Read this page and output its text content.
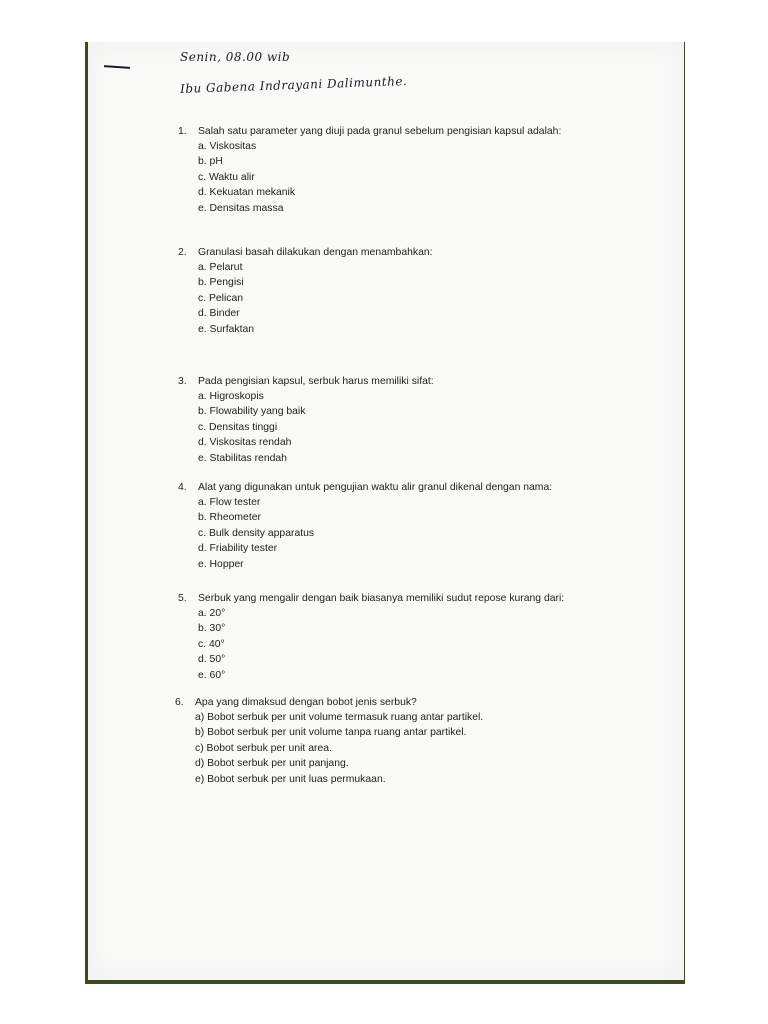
Senin, 08.00 wib
Ibu Gabena Indrayani Dalimunthe.
1.	Salah satu parameter yang diuji pada granul sebelum pengisian kapsul adalah:
a. Viskositas
b. pH
c. Waktu alir
d. Kekuatan mekanik
e. Densitas massa
2.	Granulasi basah dilakukan dengan menambahkan:
a. Pelarut
b. Pengisi
c. Pelican
d. Binder
e. Surfaktan
3.	Pada pengisian kapsul, serbuk harus memiliki sifat:
a. Higroskopis
b. Flowability yang baik
c. Densitas tinggi
d. Viskositas rendah
e. Stabilitas rendah
4.	Alat yang digunakan untuk pengujian waktu alir granul dikenal dengan nama:
a. Flow tester
b. Rheometer
c. Bulk density apparatus
d. Friability tester
e. Hopper
5.	Serbuk yang mengalir dengan baik biasanya memiliki sudut repose kurang dari:
a. 20°
b. 30°
c. 40°
d. 50°
e. 60°
6.	Apa yang dimaksud dengan bobot jenis serbuk?
a) Bobot serbuk per unit volume termasuk ruang antar partikel.
b) Bobot serbuk per unit volume tanpa ruang antar partikel.
c) Bobot serbuk per unit area.
d) Bobot serbuk per unit panjang.
e) Bobot serbuk per unit luas permukaan.
